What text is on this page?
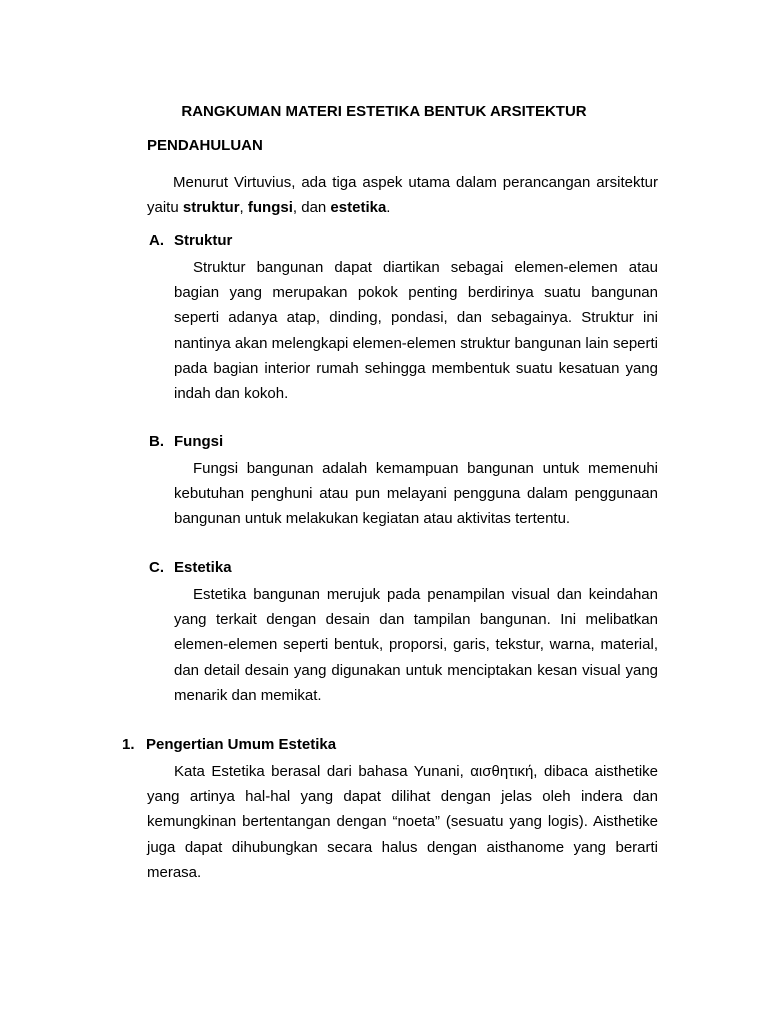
RANGKUMAN MATERI ESTETIKA BENTUK ARSITEKTUR
PENDAHULUAN

Menurut Virtuvius, ada tiga aspek utama dalam perancangan arsitektur yaitu struktur, fungsi, dan estetika.

A. Struktur

Struktur bangunan dapat diartikan sebagai elemen-elemen atau bagian yang merupakan pokok penting berdirinya suatu bangunan seperti adanya atap, dinding, pondasi, dan sebagainya. Struktur ini nantinya akan melengkapi elemen-elemen struktur bangunan lain seperti pada bagian interior rumah sehingga membentuk suatu kesatuan yang indah dan kokoh.

B. Fungsi

Fungsi bangunan adalah kemampuan bangunan untuk memenuhi kebutuhan penghuni atau pun melayani pengguna dalam penggunaan bangunan untuk melakukan kegiatan atau aktivitas tertentu.

C. Estetika

Estetika bangunan merujuk pada penampilan visual dan keindahan yang terkait dengan desain dan tampilan bangunan. Ini melibatkan elemen-elemen seperti bentuk, proporsi, garis, tekstur, warna, material, dan detail desain yang digunakan untuk menciptakan kesan visual yang menarik dan memikat.

1. Pengertian Umum Estetika

Kata Estetika berasal dari bahasa Yunani, αισθητική, dibaca aisthetike yang artinya hal-hal yang dapat dilihat dengan jelas oleh indera dan kemungkinan bertentangan dengan “noeta” (sesuatu yang logis). Aisthetike juga dapat dihubungkan secara halus dengan aisthanome yang berarti merasa.
